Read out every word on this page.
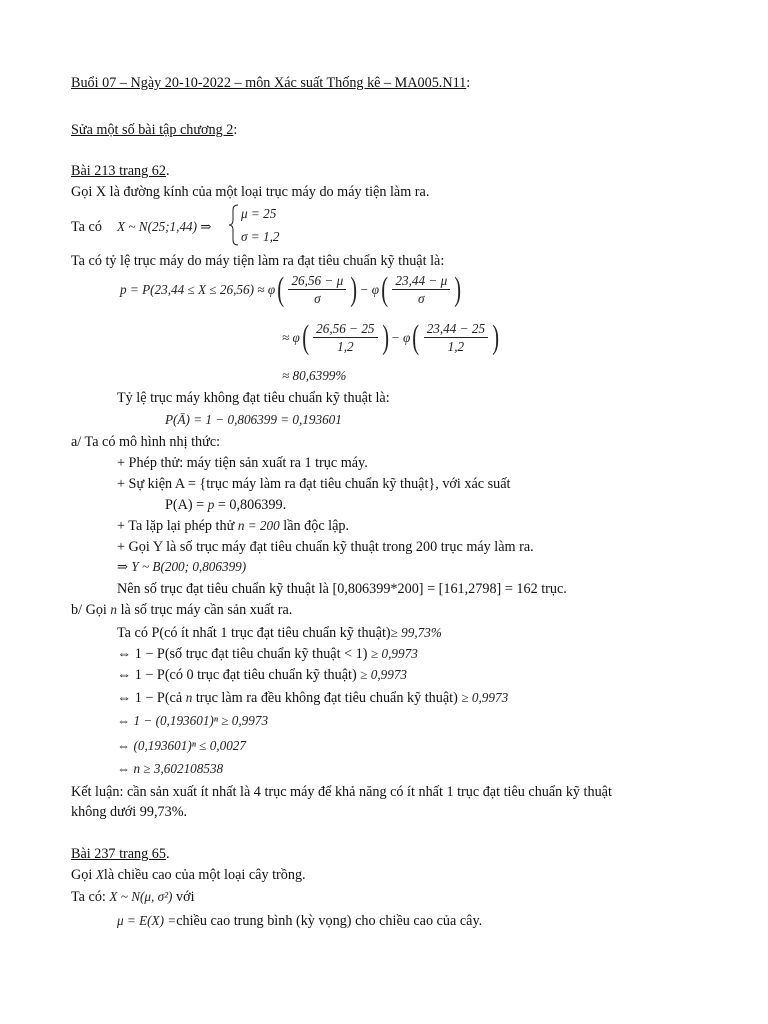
Buổi 07 – Ngày 20-10-2022 – môn Xác suất Thống kê – MA005.N11:
Sửa một số bài tập chương 2:
Bài 213 trang 62.
Gọi X là đường kính của một loại trục máy do máy tiện làm ra.
Ta có X ~ N(25;1,44) ⇒
μ = 25
σ = 1,2
Ta có tỷ lệ trục máy do máy tiện làm ra đạt tiêu chuẩn kỹ thuật là:
p = P(23,44 ≤ X ≤ 26,56) ≈ φ ( $\frac{26,56 - \mu}{\sigma}$ ) − φ ( $\frac{23,44 - \mu}{\sigma}$ )
≈ φ ( $\frac{26,56 - 25}{1,2}$ ) − φ ( $\frac{23,44 - 25}{1,2}$ )
≈ 80,6399%
Tỷ lệ trục máy không đạt tiêu chuẩn kỹ thuật là:
P(Ā) = 1 − 0,806399 = 0,193601
a/ Ta có mô hình nhị thức:
+ Phép thử: máy tiện sản xuất ra 1 trục máy.
+ Sự kiện A = {trục máy làm ra đạt tiêu chuẩn kỹ thuật}, với xác suất
P(A) = p = 0,806399.
+ Ta lặp lại phép thử n = 200 lần độc lập.
+ Gọi Y là số trục máy đạt tiêu chuẩn kỹ thuật trong 200 trục máy làm ra.
⇒ Y ~ B(200; 0,806399)
Nên số trục đạt tiêu chuẩn kỹ thuật là [0,806399*200] = [161,2798] = 162 trục.
b/ Gọi n là số trục máy cần sản xuất ra.
Ta có P(có ít nhất 1 trục đạt tiêu chuẩn kỹ thuật)≥ 99,73%
⇔ 1 − P(số trục đạt tiêu chuẩn kỹ thuật < 1) ≥ 0,9973
⇔ 1 − P(có 0 trục đạt tiêu chuẩn kỹ thuật) ≥ 0,9973
⇔ 1 − P(cả n trục làm ra đều không đạt tiêu chuẩn kỹ thuật) ≥ 0,9973
⇔ 1 − (0,193601)ⁿ ≥ 0,9973
⇔ (0,193601)ⁿ ≤ 0,0027
⇔ n ≥ 3,602108538
Kết luận: cần sản xuất ít nhất là 4 trục máy để khả năng có ít nhất 1 trục đạt tiêu chuẩn kỹ thuật
không dưới 99,73%.
Bài 237 trang 65.
Gọi Xlà chiều cao của một loại cây trồng.
Ta có: X ~ N(μ, σ²) với
μ = E(X) =chiều cao trung bình (kỳ vọng) cho chiều cao của cây.
